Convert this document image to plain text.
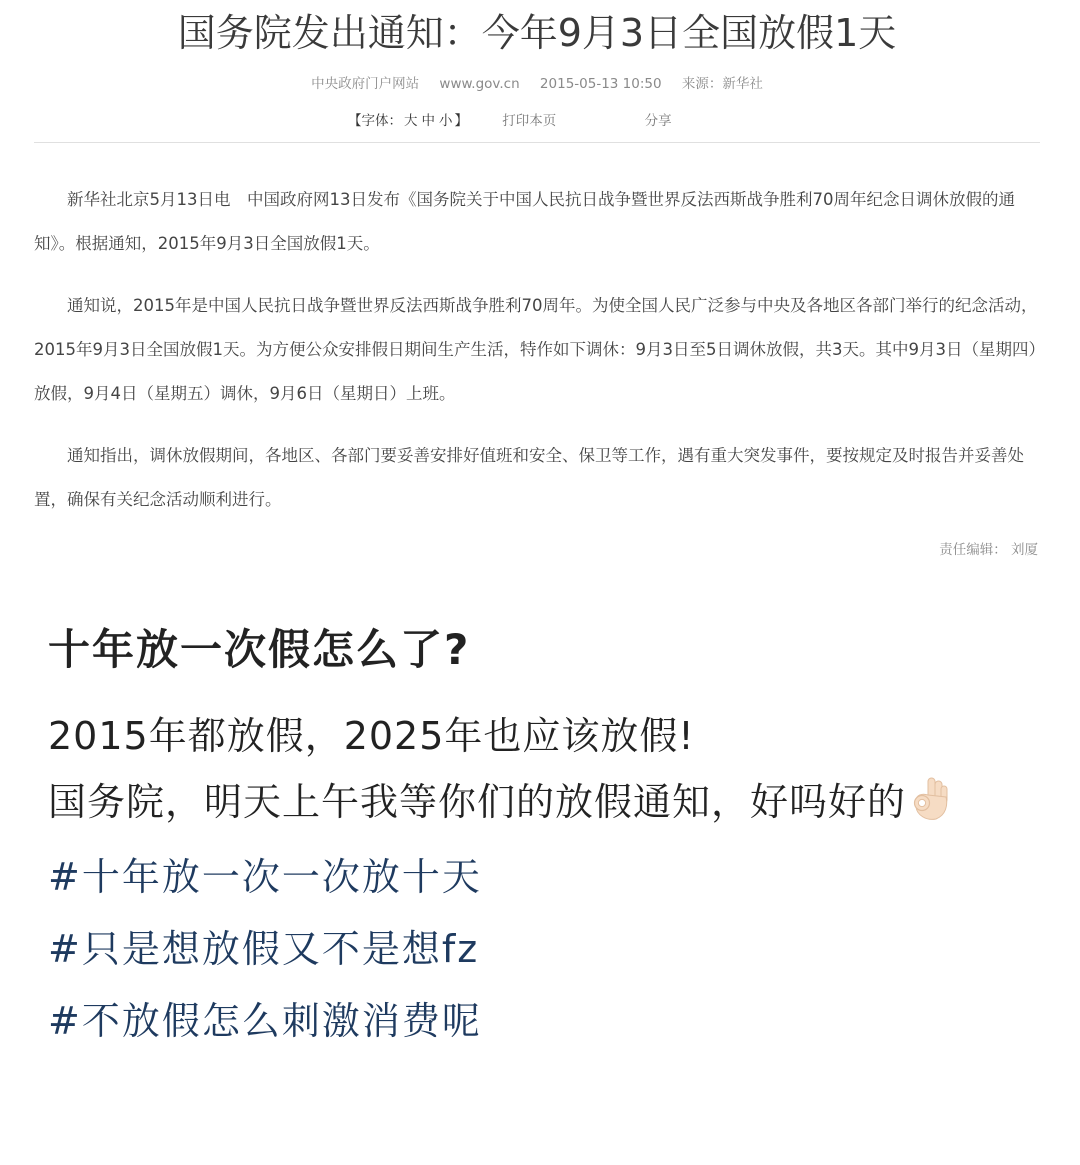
国务院发出通知：今年9月3日全国放假1天
中央政府门户网站 www.gov.cn 2015-05-13 10:50 来源：新华社
【字体： 大 中 小 】	打印本页	分享

新华社北京5月13日电　中国政府网13日发布《国务院关于中国人民抗日战争暨世界反法西斯战争胜利70周年纪念日调休放假的通知》。根据通知，2015年9月3日全国放假1天。

通知说，2015年是中国人民抗日战争暨世界反法西斯战争胜利70周年。为使全国人民广泛参与中央及各地区各部门举行的纪念活动，2015年9月3日全国放假1天。为方便公众安排假日期间生产生活，特作如下调休：9月3日至5日调休放假，共3天。其中9月3日（星期四）放假，9月4日（星期五）调休，9月6日（星期日）上班。

通知指出，调休放假期间，各地区、各部门要妥善安排好值班和安全、保卫等工作，遇有重大突发事件，要按规定及时报告并妥善处置，确保有关纪念活动顺利进行。

责任编辑： 刘厦
十年放一次假怎么了?
2015年都放假，2025年也应该放假!
国务院，明天上午我等你们的放假通知，好吗好的
#十年放一次一次放十天
#只是想放假又不是想fz
#不放假怎么刺激消费呢
